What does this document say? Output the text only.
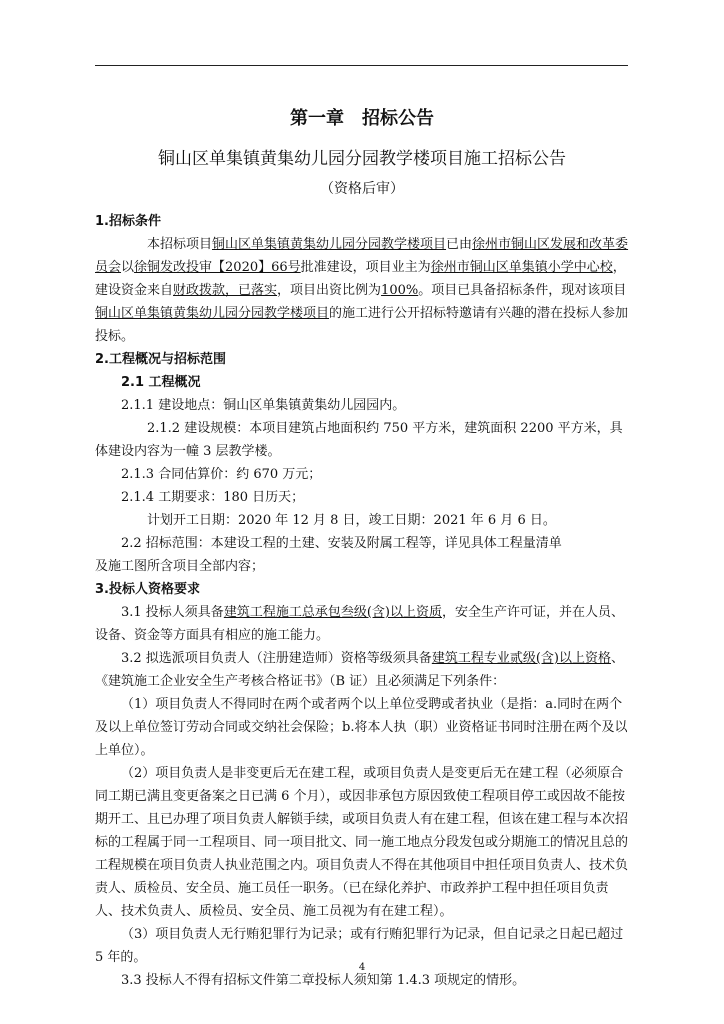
第一章　招标公告
铜山区单集镇黄集幼儿园分园教学楼项目施工招标公告
（资格后审）

1.招标条件

本招标项目铜山区单集镇黄集幼儿园分园教学楼项目已由徐州市铜山区发展和改革委员会以徐铜发改投审【2020】66号批准建设，项目业主为徐州市铜山区单集镇小学中心校，建设资金来自财政拨款，已落实，项目出资比例为100%。项目已具备招标条件，现对该项目铜山区单集镇黄集幼儿园分园教学楼项目的施工进行公开招标特邀请有兴趣的潜在投标人参加投标。

2.工程概况与招标范围

2.1 工程概况

2.1.1 建设地点：铜山区单集镇黄集幼儿园园内。

2.1.2 建设规模：本项目建筑占地面积约 750 平方米，建筑面积 2200 平方米，具体建设内容为一幢 3 层教学楼。

2.1.3 合同估算价：约 670 万元；

2.1.4 工期要求：180 日历天；

计划开工日期：2020 年 12 月 8 日，竣工日期：2021 年 6 月 6 日。

2.2 招标范围：本建设工程的土建、安装及附属工程等，详见具体工程量清单

及施工图所含项目全部内容；

3.投标人资格要求

3.1 投标人须具备建筑工程施工总承包叁级(含)以上资质，安全生产许可证，并在人员、设备、资金等方面具有相应的施工能力。

3.2 拟选派项目负责人（注册建造师）资格等级须具备建筑工程专业贰级(含)以上资格、《建筑施工企业安全生产考核合格证书》（B 证）且必须满足下列条件：

（1）项目负责人不得同时在两个或者两个以上单位受聘或者执业（是指：a.同时在两个及以上单位签订劳动合同或交纳社会保险；b.将本人执（职）业资格证书同时注册在两个及以上单位）。

（2）项目负责人是非变更后无在建工程，或项目负责人是变更后无在建工程（必须原合同工期已满且变更备案之日已满 6 个月），或因非承包方原因致使工程项目停工或因故不能按期开工、且已办理了项目负责人解锁手续，或项目负责人有在建工程，但该在建工程与本次招标的工程属于同一工程项目、同一项目批文、同一施工地点分段发包或分期施工的情况且总的工程规模在项目负责人执业范围之内。项目负责人不得在其他项目中担任项目负责人、技术负责人、质检员、安全员、施工员任一职务。（已在绿化养护、市政养护工程中担任项目负责人、技术负责人、质检员、安全员、施工员视为有在建工程）。

（3）项目负责人无行贿犯罪行为记录；或有行贿犯罪行为记录，但自记录之日起已超过 5 年的。

3.3 投标人不得有招标文件第二章投标人须知第 1.4.3 项规定的情形。

4
